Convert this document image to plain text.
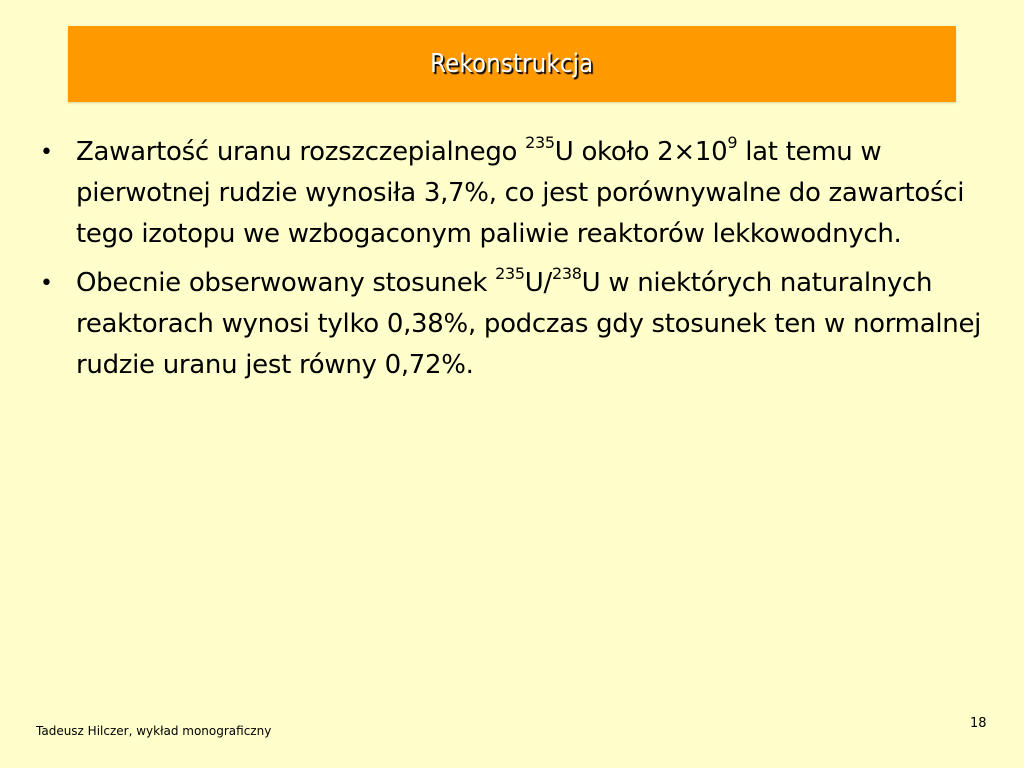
Rekonstrukcja
• Zawartość uranu rozszczepialnego $^{235}$U około $2\times 10^9$ lat temu w pierwotnej rudzie wynosiła 3,7%, co jest porównywalne do zawartości tego izotopu we wzbogaconym paliwie reaktorów lekkowodnych.
• Obecnie obserwowany stosunek $^{235}$U/$^{238}$U w niektórych naturalnych reaktorach wynosi tylko 0,38%, podczas gdy stosunek ten w normalnej rudzie uranu jest równy 0,72%.
Tadeusz Hilczer, wykład monograficzny	18
